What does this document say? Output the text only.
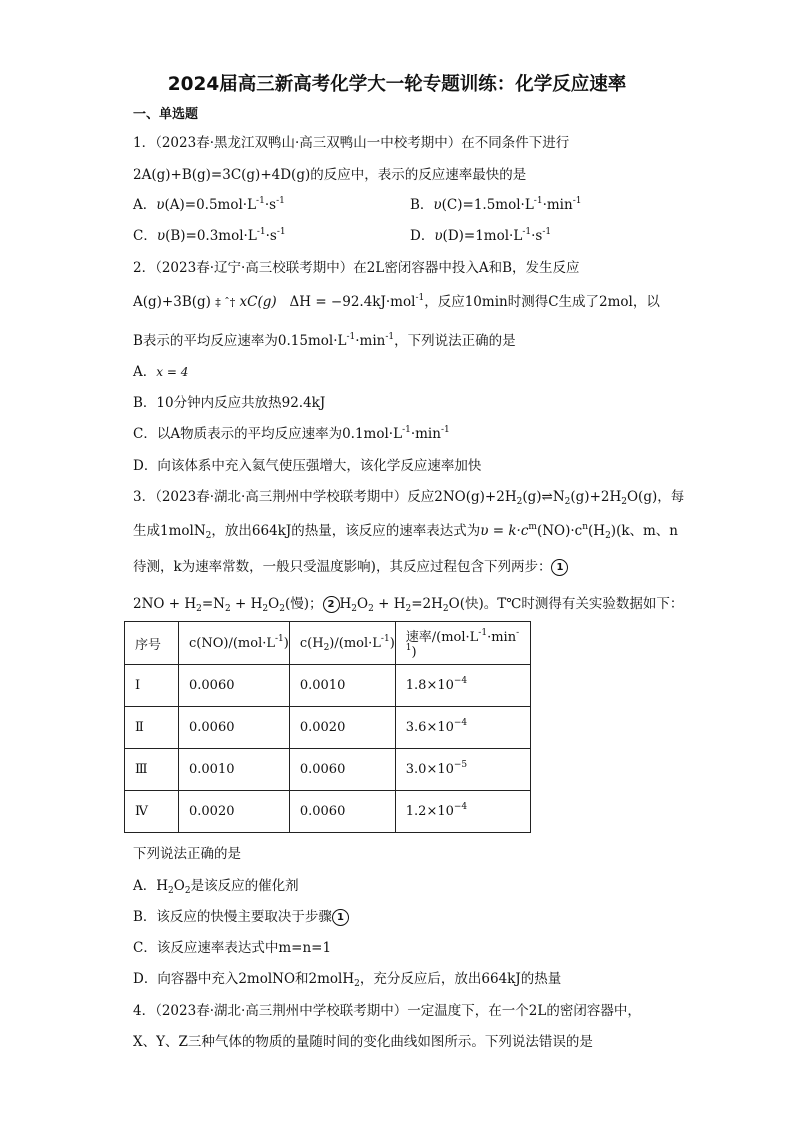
2024届高三新高考化学大一轮专题训练：化学反应速率
一、单选题
1．（2023春·黑龙江双鸭山·高三双鸭山一中校考期中）在不同条件下进行
2A(g)+B(g)=3C(g)+4D(g)的反应中，表示的反应速率最快的是
A．$\upsilon(A)=0.5mol\cdot L^{-1}\cdot s^{-1}$	B．$\upsilon(C)=1.5mol\cdot L^{-1}\cdot\min^{-1}$
C．$\upsilon(B)=0.3mol\cdot L^{-1}\cdot s^{-1}$	D．$\upsilon(D)=1mol\cdot L^{-1}\cdot s^{-1}$
2．（2023春·辽宁·高三校联考期中）在2L密闭容器中投入A和B，发生反应
A(g)+3B(g) ‡ ˆ† xC(g) ΔH = −92.4kJ·mol$^{-1}$，反应10min时测得C生成了2mol，以
B表示的平均反应速率为$0.15mol\cdot L^{-1}\cdot\min^{-1}$，下列说法正确的是
A．x = 4
B．10分钟内反应共放热92.4kJ
C．以A物质表示的平均反应速率为$0.1mol\cdot L^{-1}\cdot\min^{-1}$
D．向该体系中充入氦气使压强增大，该化学反应速率加快
3．（2023春·湖北·高三荆州中学校联考期中）反应$2NO(g)+2H_2(g)\rightleftharpoons N_2(g)+2H_2O(g)$，每
生成1molN$_2$，放出664kJ的热量，该反应的速率表达式为$\upsilon = k\cdot c^m(NO)\cdot c^n(H_2)(k$、m、n
待测，k为速率常数，一般只受温度影响)，其反应过程包含下列两步： 1
$2NO + H_2=N_2 + H_2O_2$(慢)； 2 $H_2O_2 + H_2=2H_2O$(快)。T℃时测得有关实验数据如下：
序号	$c(NO)/(mol\cdot L^{-1})$	$c(H_2)/(mol\cdot L^{-1})$	速率$/(mol\cdot L^{-1}\cdot\min^{-1})$
I	0.0060	0.0010	$1.8\times 10^{-4}$
Ⅱ	0.0060	0.0020	$3.6\times 10^{-4}$
Ⅲ	0.0010	0.0060	$3.0\times 10^{-5}$
Ⅳ	0.0020	0.0060	$1.2\times 10^{-4}$
下列说法正确的是
A．$H_2O_2$是该反应的催化剂
B．该反应的快慢主要取决于步骤 1
C．该反应速率表达式中m=n=1
D．向容器中充入2molNO和2molH$_2$，充分反应后，放出664kJ的热量
4．（2023春·湖北·高三荆州中学校联考期中）一定温度下，在一个2L的密闭容器中，
X、Y、Z三种气体的物质的量随时间的变化曲线如图所示。下列说法错误的是
